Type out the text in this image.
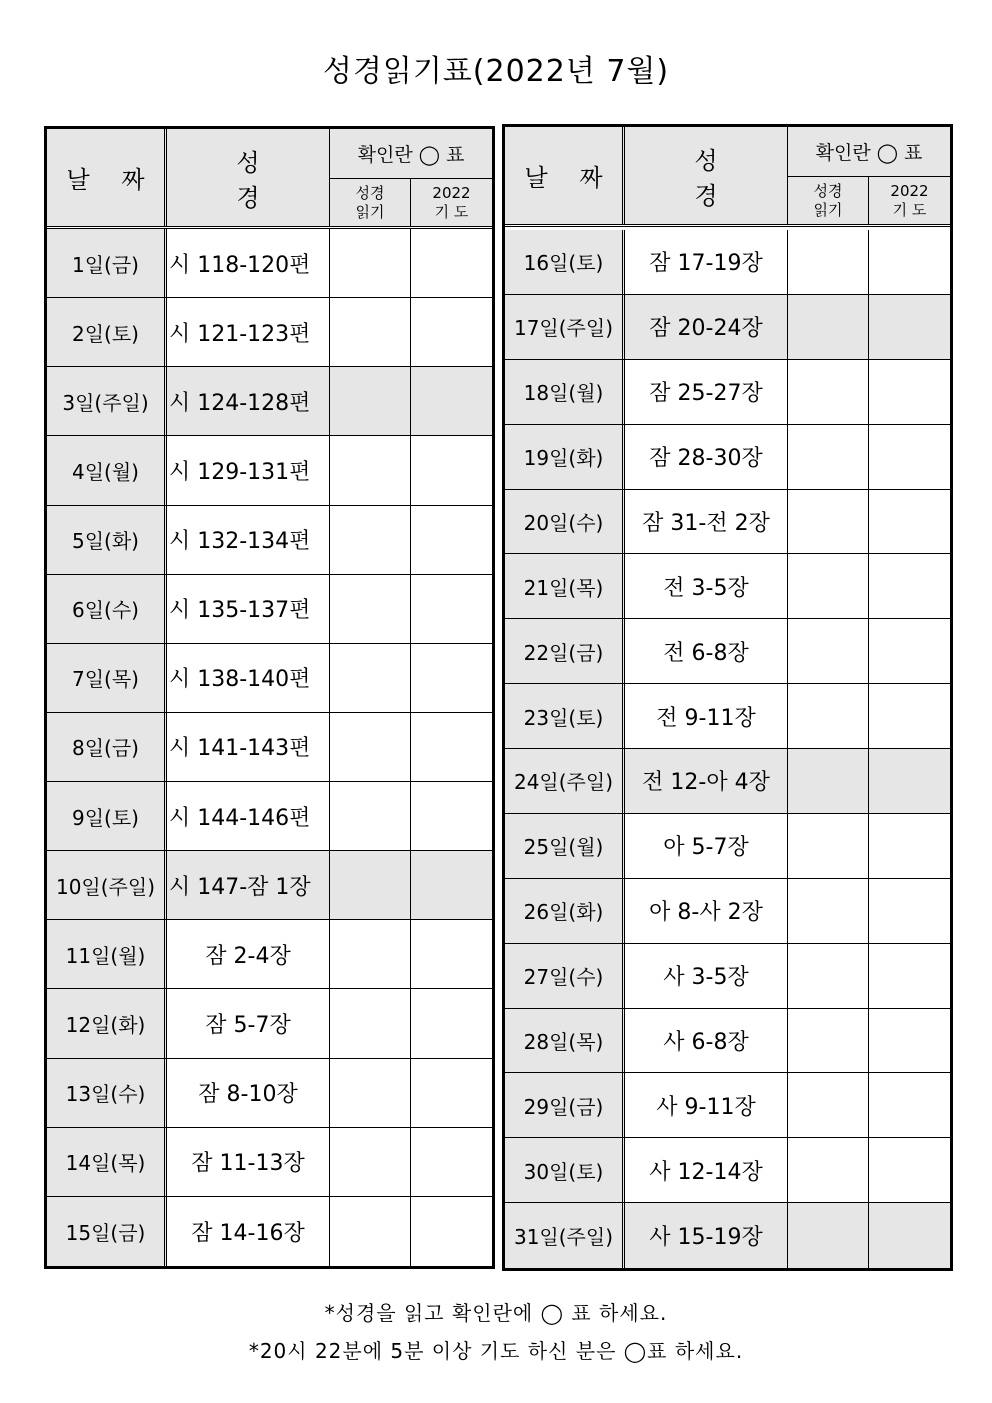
성경읽기표(2022년 7월)
날 짜
성 경
확인란 ◯ 표
성경
읽기
2022
기 도
1일(금)	시 118-120편
2일(토)	시 121-123편
3일(주일) 시 124-128편
4일(월)	시 129-131편
5일(화)	시 132-134편
6일(수)	시 135-137편
7일(목)	시 138-140편
8일(금)	시 141-143편
9일(토)	시 144-146편
10일(주일) 시 147-잠 1장
11일(월)	잠 2-4장
12일(화)	잠 5-7장
13일(수)	잠 8-10장
14일(목)	잠 11-13장
15일(금)	잠 14-16장
날 짜
성 경
확인란 ◯ 표
성경
읽기
2022
기 도
16일(토)	잠 17-19장
17일(주일)	잠 20-24장
18일(월)	잠 25-27장
19일(화)	잠 28-30장
20일(수)	잠 31-전 2장
21일(목)	전 3-5장
22일(금)	전 6-8장
23일(토)	전 9-11장
24일(주일)	전 12-아 4장
25일(월)	아 5-7장
26일(화)	아 8-사 2장
27일(수)	사 3-5장
28일(목)	사 6-8장
29일(금)	사 9-11장
30일(토)	사 12-14장
31일(주일)	사 15-19장
*성경을 읽고 확인란에 ◯ 표 하세요.
*20시 22분에 5분 이상 기도 하신 분은 ◯표 하세요.
